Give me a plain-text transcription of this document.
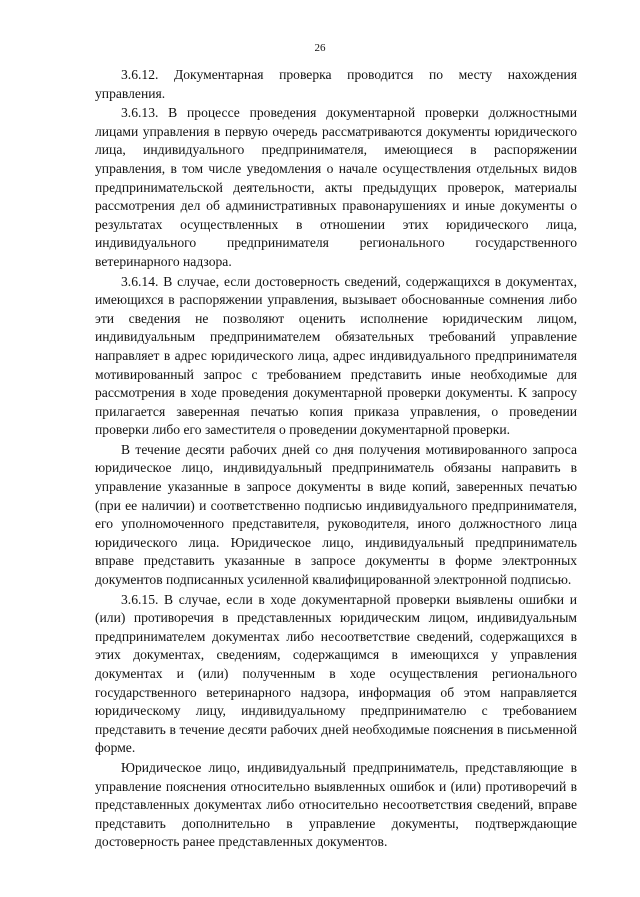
26

3.6.12. Документарная проверка проводится по месту нахождения управления.

3.6.13. В процессе проведения документарной проверки должностными лицами управления в первую очередь рассматриваются документы юридического лица, индивидуального предпринимателя, имеющиеся в распоряжении управления, в том числе уведомления о начале осуществления отдельных видов предпринимательской деятельности, акты предыдущих проверок, материалы рассмотрения дел об административных правонарушениях и иные документы о результатах осуществленных в отношении этих юридического лица, индивидуального предпринимателя регионального государственного ветеринарного надзора.

3.6.14. В случае, если достоверность сведений, содержащихся в документах, имеющихся в распоряжении управления, вызывает обоснованные сомнения либо эти сведения не позволяют оценить исполнение юридическим лицом, индивидуальным предпринимателем обязательных требований управление направляет в адрес юридического лица, адрес индивидуального предпринимателя мотивированный запрос с требованием представить иные необходимые для рассмотрения в ходе проведения документарной проверки документы. К запросу прилагается заверенная печатью копия приказа управления, о проведении проверки либо его заместителя о проведении документарной проверки.

В течение десяти рабочих дней со дня получения мотивированного запроса юридическое лицо, индивидуальный предприниматель обязаны направить в управление указанные в запросе документы в виде копий, заверенных печатью (при ее наличии) и соответственно подписью индивидуального предпринимателя, его уполномоченного представителя, руководителя, иного должностного лица юридического лица. Юридическое лицо, индивидуальный предприниматель вправе представить указанные в запросе документы в форме электронных документов подписанных усиленной квалифицированной электронной подписью.

3.6.15. В случае, если в ходе документарной проверки выявлены ошибки и (или) противоречия в представленных юридическим лицом, индивидуальным предпринимателем документах либо несоответствие сведений, содержащихся в этих документах, сведениям, содержащимся в имеющихся у управления документах и (или) полученным в ходе осуществления регионального государственного ветеринарного надзора, информация об этом направляется юридическому лицу, индивидуальному предпринимателю с требованием представить в течение десяти рабочих дней необходимые пояснения в письменной форме.

Юридическое лицо, индивидуальный предприниматель, представляющие в управление пояснения относительно выявленных ошибок и (или) противоречий в представленных документах либо относительно несоответствия сведений, вправе представить дополнительно в управление документы, подтверждающие достоверность ранее представленных документов.
